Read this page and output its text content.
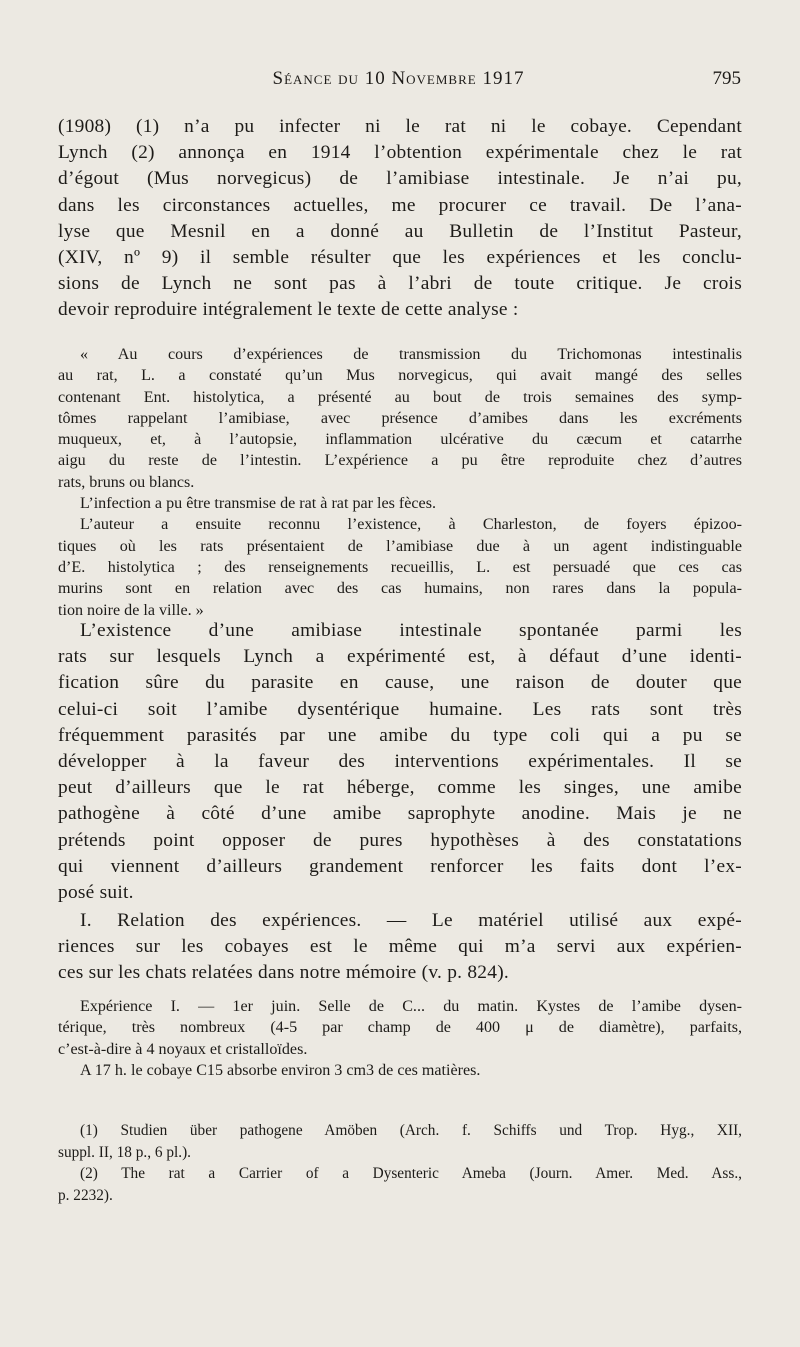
Séance du 10 Novembre 1917	795
(1908) (1) n’a pu infecter ni le rat ni le cobaye. Cependant
Lynch (2) annonça en 1914 l’obtention expérimentale chez le rat
d’égout (Mus norvegicus) de l’amibiase intestinale. Je n’ai pu,
dans les circonstances actuelles, me procurer ce travail. De l’ana-
lyse que Mesnil en a donné au Bulletin de l’Institut Pasteur,
(XIV, nº 9) il semble résulter que les expériences et les conclu-
sions de Lynch ne sont pas à l’abri de toute critique. Je crois
devoir reproduire intégralement le texte de cette analyse :
« Au cours d’expériences de transmission du Trichomonas intestinalis
au rat, L. a constaté qu’un Mus norvegicus, qui avait mangé des selles
contenant Ent. histolytica, a présenté au bout de trois semaines des symp-
tômes rappelant l’amibiase, avec présence d’amibes dans les excréments
muqueux, et, à l’autopsie, inflammation ulcérative du cæcum et catarrhe
aigu du reste de l’intestin. L’expérience a pu être reproduite chez d’autres
rats, bruns ou blancs.
L’infection a pu être transmise de rat à rat par les fèces.
L’auteur a ensuite reconnu l’existence, à Charleston, de foyers épizoo-
tiques où les rats présentaient de l’amibiase due à un agent indistinguable
d’E. histolytica ; des renseignements recueillis, L. est persuadé que ces cas
murins sont en relation avec des cas humains, non rares dans la popula-
tion noire de la ville. »
L’existence d’une amibiase intestinale spontanée parmi les
rats sur lesquels Lynch a expérimenté est, à défaut d’une identi-
fication sûre du parasite en cause, une raison de douter que
celui-ci soit l’amibe dysentérique humaine. Les rats sont très
fréquemment parasités par une amibe du type coli qui a pu se
développer à la faveur des interventions expérimentales. Il se
peut d’ailleurs que le rat héberge, comme les singes, une amibe
pathogène à côté d’une amibe saprophyte anodine. Mais je ne
prétends point opposer de pures hypothèses à des constatations
qui viennent d’ailleurs grandement renforcer les faits dont l’ex-
posé suit.
I. Relation des expériences. — Le matériel utilisé aux expé-
riences sur les cobayes est le même qui m’a servi aux expérien-
ces sur les chats relatées dans notre mémoire (v. p. 824).
Expérience I. — 1er juin. Selle de C... du matin. Kystes de l’amibe dysen-
térique, très nombreux (4-5 par champ de 400 μ de diamètre), parfaits,
c’est-à-dire à 4 noyaux et cristalloïdes.
A 17 h. le cobaye C15 absorbe environ 3 cm3 de ces matières.
(1) Studien über pathogene Amöben (Arch. f. Schiffs und Trop. Hyg., XII,
suppl. II, 18 p., 6 pl.).
(2) The rat a Carrier of a Dysenteric Ameba (Journ. Amer. Med. Ass.,
p. 2232).
